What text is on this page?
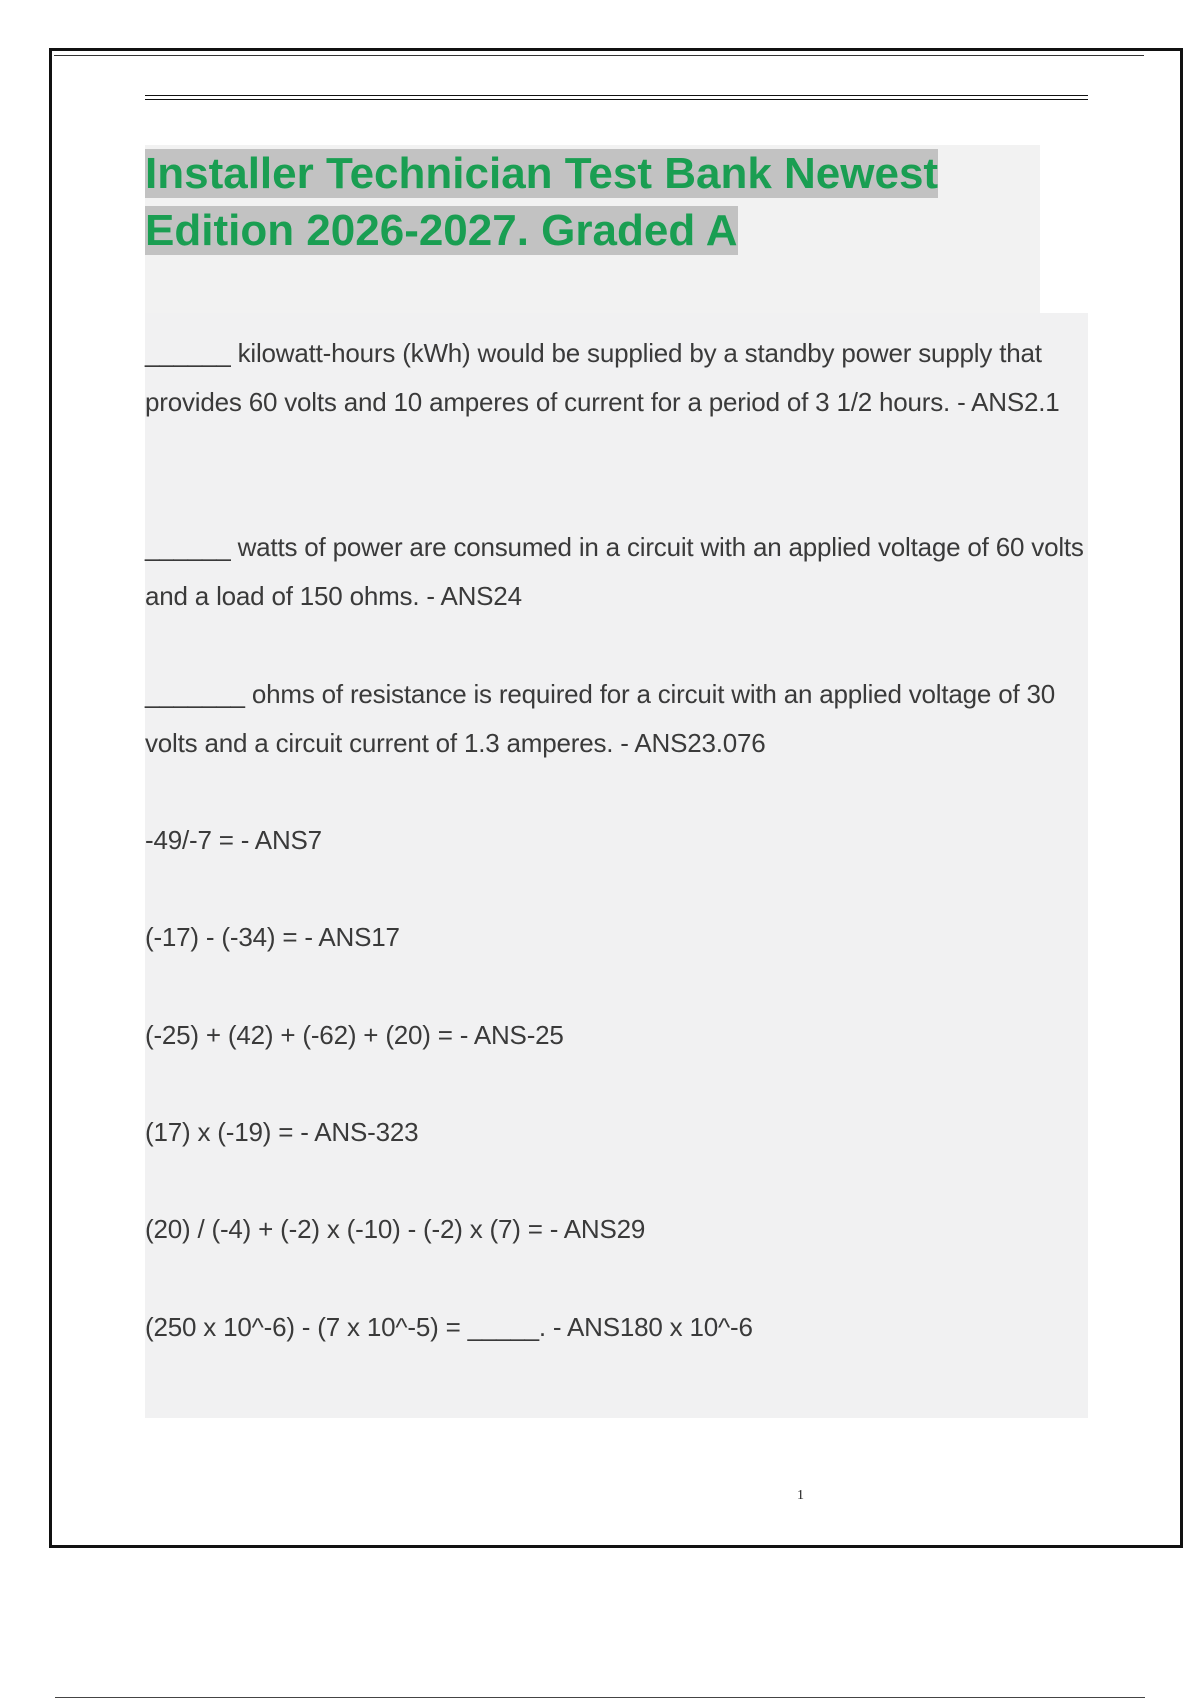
Installer Technician Test Bank Newest Edition 2026-2027. Graded A

______ kilowatt-hours (kWh) would be supplied by a standby power supply that provides 60 volts and 10 amperes of current for a period of 3 1/2 hours. - ANS2.1

______ watts of power are consumed in a circuit with an applied voltage of 60 volts and a load of 150 ohms. - ANS24

_______ ohms of resistance is required for a circuit with an applied voltage of 30 volts and a circuit current of 1.3 amperes. - ANS23.076

-49/-7 = - ANS7

(-17) - (-34) = - ANS17

(-25) + (42) + (-62) + (20) = - ANS-25

(17) x (-19) = - ANS-323

(20) / (-4) + (-2) x (-10) - (-2) x (7) = - ANS29

(250 x 10^-6) - (7 x 10^-5) = _____. - ANS180 x 10^-6

1
